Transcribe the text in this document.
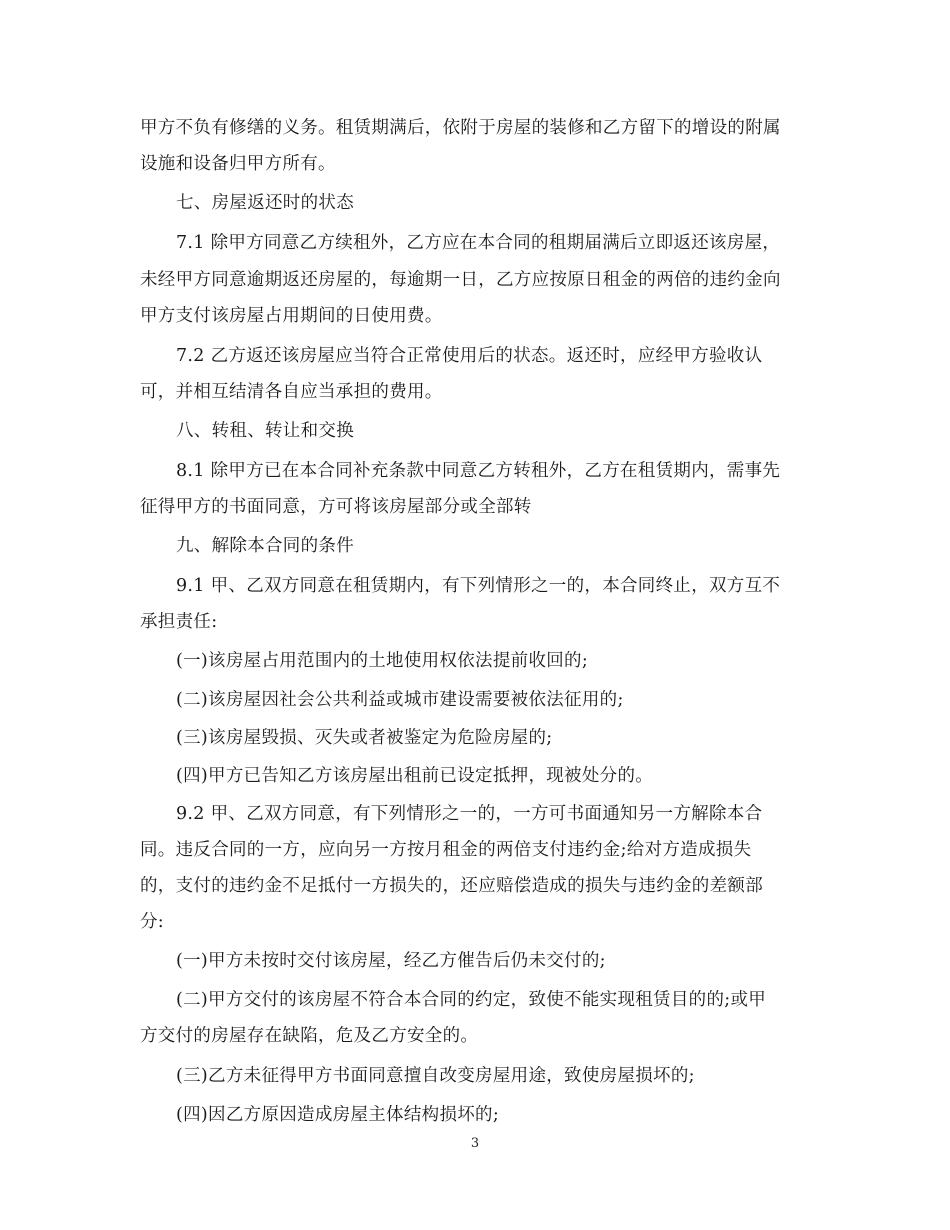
甲方不负有修缮的义务。租赁期满后，依附于房屋的装修和乙方留下的增设的附属
设施和设备归甲方所有。
七、房屋返还时的状态
7.1 除甲方同意乙方续租外，乙方应在本合同的租期届满后立即返还该房屋，
未经甲方同意逾期返还房屋的，每逾期一日，乙方应按原日租金的两倍的违约金向
甲方支付该房屋占用期间的日使用费。
7.2 乙方返还该房屋应当符合正常使用后的状态。返还时，应经甲方验收认
可，并相互结清各自应当承担的费用。
八、转租、转让和交换
8.1 除甲方已在本合同补充条款中同意乙方转租外，乙方在租赁期内，需事先
征得甲方的书面同意，方可将该房屋部分或全部转
九、解除本合同的条件
9.1 甲、乙双方同意在租赁期内，有下列情形之一的，本合同终止，双方互不
承担责任:
(一)该房屋占用范围内的土地使用权依法提前收回的;
(二)该房屋因社会公共利益或城市建设需要被依法征用的;
(三)该房屋毁损、灭失或者被鉴定为危险房屋的;
(四)甲方已告知乙方该房屋出租前已设定抵押，现被处分的。
9.2 甲、乙双方同意，有下列情形之一的，一方可书面通知另一方解除本合
同。违反合同的一方，应向另一方按月租金的两倍支付违约金;给对方造成损失
的，支付的违约金不足抵付一方损失的，还应赔偿造成的损失与违约金的差额部
分:
(一)甲方未按时交付该房屋，经乙方催告后仍未交付的;
(二)甲方交付的该房屋不符合本合同的约定，致使不能实现租赁目的的;或甲
方交付的房屋存在缺陷，危及乙方安全的。
(三)乙方未征得甲方书面同意擅自改变房屋用途，致使房屋损坏的;
(四)因乙方原因造成房屋主体结构损坏的;
3
